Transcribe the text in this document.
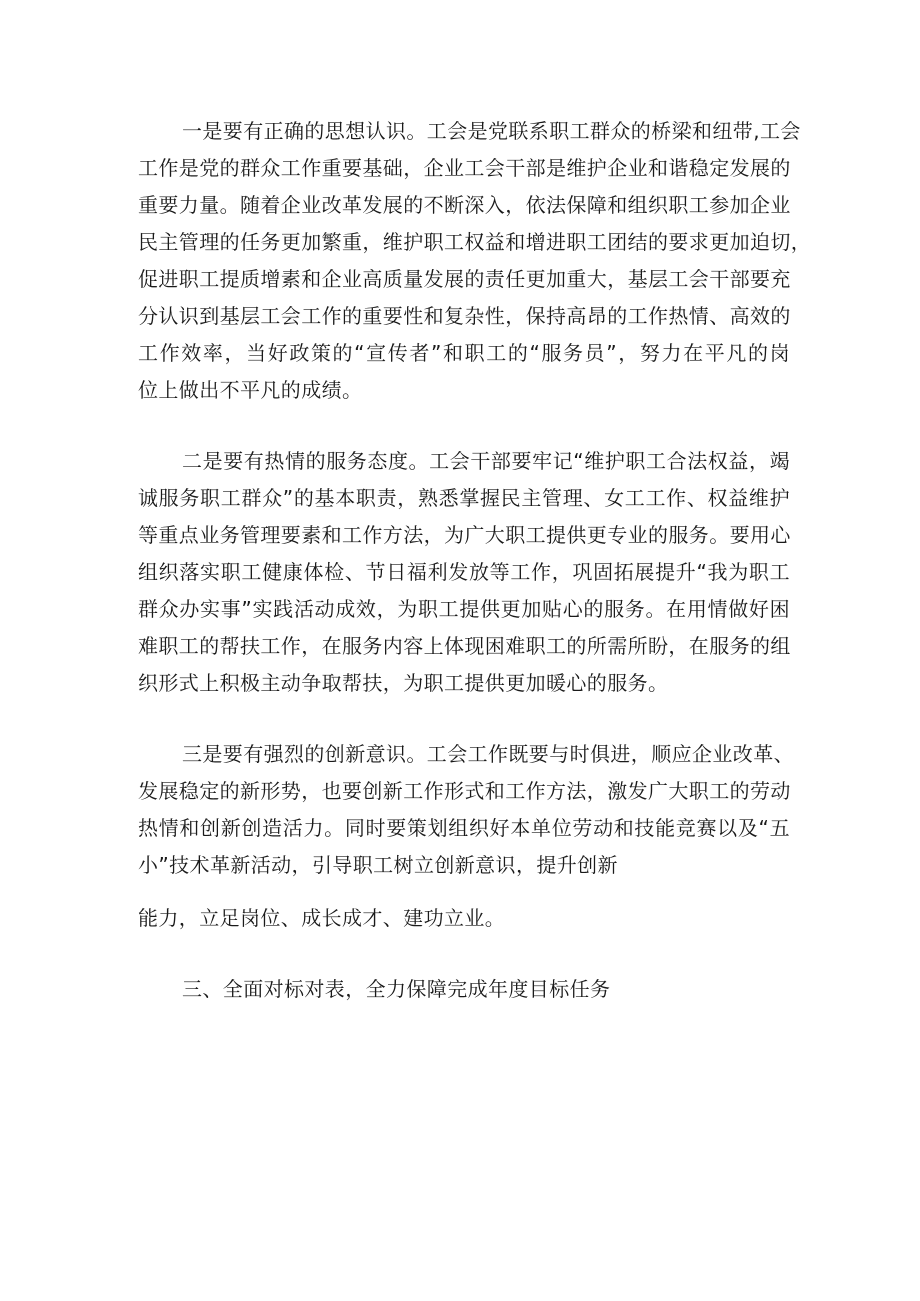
一是要有正确的思想认识。工会是党联系职工群众的桥梁和纽带,工会
工作是党的群众工作重要基础，企业工会干部是维护企业和谐稳定发展的
重要力量。随着企业改革发展的不断深入，依法保障和组织职工参加企业
民主管理的任务更加繁重，维护职工权益和增进职工团结的要求更加迫切，
促进职工提质增素和企业高质量发展的责任更加重大，基层工会干部要充
分认识到基层工会工作的重要性和复杂性，保持高昂的工作热情、高效的
工作效率，当好政策的“宣传者”和职工的“服务员”，努力在平凡的岗
位上做出不平凡的成绩。
二是要有热情的服务态度。工会干部要牢记“维护职工合法权益，竭
诚服务职工群众”的基本职责，熟悉掌握民主管理、女工工作、权益维护
等重点业务管理要素和工作方法，为广大职工提供更专业的服务。要用心
组织落实职工健康体检、节日福利发放等工作，巩固拓展提升“我为职工
群众办实事”实践活动成效，为职工提供更加贴心的服务。在用情做好困
难职工的帮扶工作，在服务内容上体现困难职工的所需所盼，在服务的组
织形式上积极主动争取帮扶，为职工提供更加暖心的服务。
三是要有强烈的创新意识。工会工作既要与时俱进，顺应企业改革、
发展稳定的新形势，也要创新工作形式和工作方法，激发广大职工的劳动
热情和创新创造活力。同时要策划组织好本单位劳动和技能竞赛以及“五
小”技术革新活动，引导职工树立创新意识，提升创新
能力，立足岗位、成长成才、建功立业。
三、全面对标对表，全力保障完成年度目标任务
